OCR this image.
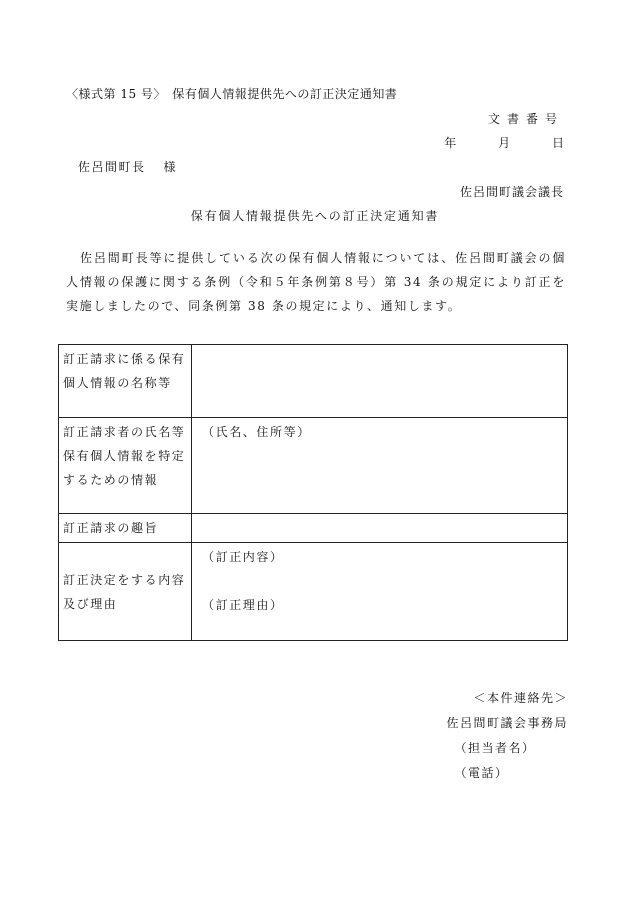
〈様式第 15 号〉　保有個人情報提供先への訂正決定通知書
文書番号
年	月	日
佐呂間町長 様
佐呂間町議会議長
保有個人情報提供先への訂正決定通知書
佐呂間町長等に提供している次の保有個人情報については、佐呂間町議会の個人情報の保護に関する条例（令和５年条例第８号）第 34 条の規定により訂正を実施しましたので、同条例第 38 条の規定により、通知します。
訂正請求に係る保有個人情報の名称等	
訂正請求者の氏名等保有個人情報を特定するための情報	（氏名、住所等）
訂正請求の趣旨	
訂正決定をする内容及び理由	（訂正内容）
（訂正理由）
＜本件連絡先＞
佐呂間町議会事務局
（担当者名）
（電話）
